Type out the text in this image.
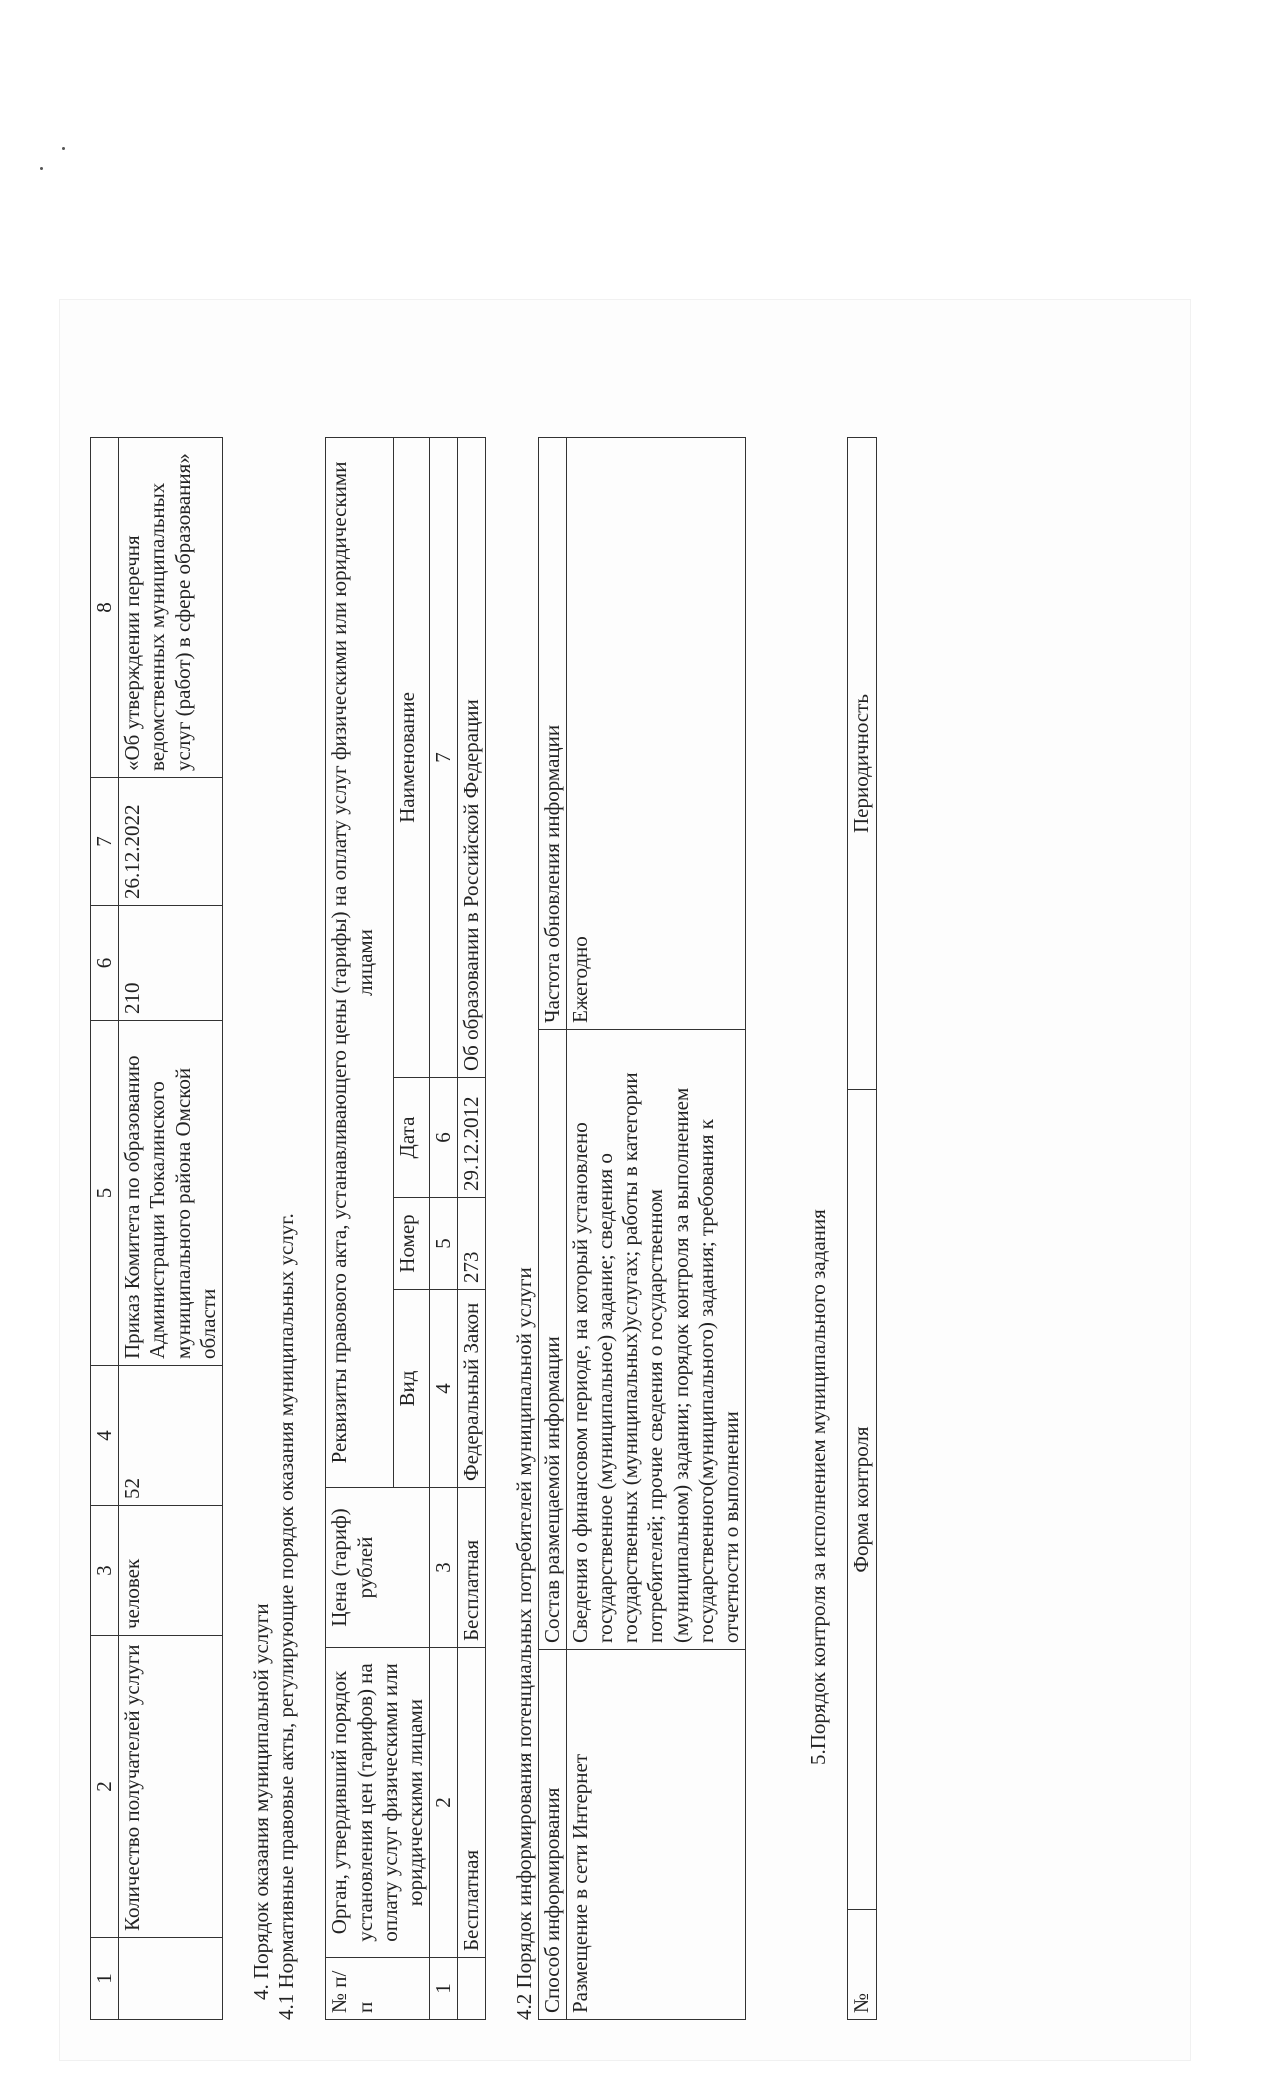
1	2	3	4	5	6	7	8
	Количество получателей услуги	человек	52	Приказ Комитета по образованию Администрации Тюкалинского муниципального района Омской области	210	26.12.2022	«Об утверждении перечня ведомственных муниципальных услуг (работ) в сфере образования»
4. Порядок оказания муниципальной услуги 4.1 Нормативные правовые акты, регулирующие порядок оказания муниципальных услуг. № п/п	Орган, утвердивший порядок установления цен (тарифов) на оплату услуг физическими или юридическими лицами	Цена (тариф) рублей	Реквизиты правового акта, устанавливающего цены (тарифы) на оплату услуг физическими или юридическими лицами			
			Вид	Номер	Дата	Наименование
1	2	3	4	5	6	7
	Бесплатная	Бесплатная	Федеральный Закон	273	29.12.2012	Об образовании в Российской Федерации
4.2 Порядок информирования потенциальных потребителей муниципальной услуги Способ информирования	Состав размещаемой информации	Частота обновления информации
Размещение в сети Интернет	Сведения о финансовом периоде, на который установлено государственное (муниципальное) задание; сведения о государственных (муниципальных)услугах; работы в категории потребителей; прочие сведения о государственном (муниципальном) задании; порядок контроля за выполнением государственного(муниципального) задания; требования к отчетности о выполнении	Ежегодно
5.Порядок контроля за исполнением муниципального задания
№	Форма контроля	Периодичность
